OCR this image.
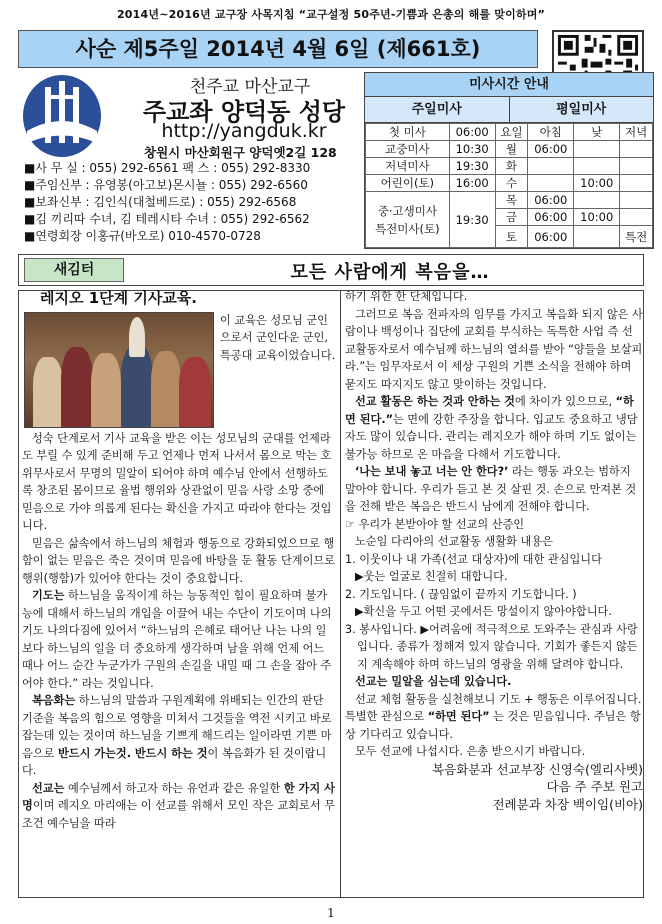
2014년~2016년 교구장 사목지침 “교구설정 50주년-기쁨과 은총의 해를 맞이하며”
사순 제5주일 2014년 4월 6일 (제661호)
천주교 마산교구
주교좌 양덕동 성당
http://yangduk.kr
창원시 마산회원구 양덕옛2길 128
■사 무 실 : 055) 292-6561 팩 스 : 055) 292-8330
■주임신부 : 유영봉(아고보)몬시뇰 : 055) 292-6560
■보좌신부 : 김인식(대철베드로) : 055) 292-6568
■김 끼리따 수녀, 김 테레시타 수녀 : 055) 292-6562
■연령회장 이홍규(바오로) 010-4570-0728
미사시간 안내
주일미사	평일미사
첫 미사	06:00	요일	아침	낮	저녁
교중미사	10:30	월	06:00		
저녁미사	19:30	화			
어린이(토)	16:00	수		10:00	

중·고생미사
특전미사(토)	19:30	목	06:00		
		금	06:00	10:00	
		토	06:00		특전
새김터	모든 사람에게 복음을…
레지오 1단계 기사교육.

이 교육은 성모님 군인으로서 군인다운 군인, 특공대 교육이었습니다.

성숙 단계로서 기사 교육을 받은 이는 성모님의 군대를 언제라도 부릴 수 있게 준비해 두고 언제나 먼저 나서서 몸으로 막는 호위무사로서 무명의 밀알이 되어야 하며 예수님 안에서 선행하도록 창조된 몸이므로 율법 행위와 상관없이 믿음 사랑 소망 중에 믿음으로 가야 의롭게 된다는 확신을 가지고 따라야 한다는 것입니다.

믿음은 삶속에서 하느님의 체험과 행동으로 강화되었으므로 행함이 없는 믿음은 죽은 것이며 믿음에 바탕을 둔 활동 단계이므로 행위(행함)가 있어야 한다는 것이 중요합니다.

기도는 하느님을 움직이게 하는 능동적인 힘이 필요하며 불가능에 대해서 하느님의 개입을 이끌어 내는 수단이 기도이며 나의기도 나의다짐에 있어서 “하느님의 은혜로 태어난 나는 나의 일 보다 하느님의 일을 더 중요하게 생각하며 남을 위해 언제 어느 때나 어느 순간 누군가가 구원의 손길을 내밀 때 그 손을 잡아 주어야 한다.” 라는 것입니다.

복음화는 하느님의 말씀과 구원계획에 위배되는 인간의 판단 기준을 복음의 힘으로 영향을 미쳐서 그것들을 역전 시키고 바로 잡는데 있는 것이며 하느님을 기쁘게 해드리는 일이라면 기쁜 마음으로 반드시 가는것. 반드시 하는 것이 복음화가 된 것이랍니다.

선교는 예수님께서 하고자 하는 유언과 같은 유일한 한 가지 사명이며 레지오 마리애는 이 선교를 위해서 모인 작은 교회로서 무조건 예수님을 따라

하기 위한 한 단체입니다.

그러므로 복음 전파자의 임무를 가지고 복음화 되지 않은 사람이나 백성이나 집단에 교회를 부식하는 독특한 사업 즉 선교활동자로서 예수님께 하느님의 열쇠를 받아 “양들을 보살피라.”는 임무자로서 이 세상 구원의 기쁜 소식을 전해야 하며 묻지도 따지지도 않고 맞이하는 것입니다.

선교 활동은 하는 것과 안하는 것에 차이가 있으므로, “하면 된다.”는 면에 강한 주장을 합니다. 입교도 중요하고 냉담자도 많이 있습니다. 관리는 레지오가 해야 하며 기도 없이는 불가능 하므로 온 마음을 다해서 기도합니다.

‘나는 보내 놓고 너는 안 한다?’ 라는 행동 과오는 범하지 말아야 합니다. 우리가 듣고 본 것 살핀 것. 손으로 만져본 것을 전해 받은 복음은 반드시 남에게 전해야 합니다.

☞ 우리가 본받아야 할 선교의 산증인

노순임 다리아의 선교활동 생활화 내용은

1. 이웃이나 내 가족(선교 대상자)에 대한 관심입니다

▶웃는 얼굴로 친절히 대합니다.

2. 기도입니다. ( 끊임없이 끝까지 기도합니다. )

▶확신을 두고 어떤 곳에서든 망설이지 않아야합니다.

3. 봉사입니다. ▶어려움에 적극적으로 도와주는 관심과 사랑입니다. 종류가 정해져 있지 않습니다. 기회가 좋든지 않든지 계속해야 하며 하느님의 영광을 위해 달려야 합니다.

선교는 밀알을 심는데 있습니다.

선교 체험 활동을 실천해보니 기도 + 행동은 이루어집니다. 특별한 관심으로 “하면 된다” 는 것은 믿음입니다. 주님은 항상 기다리고 있습니다.

모두 선교에 나섭시다. 은총 받으시기 바랍니다.

복음화분과 선교부장 신영숙(엘리사벳)

다음 주 주보 원고

전례분과 차장 백이임(비아)

1
